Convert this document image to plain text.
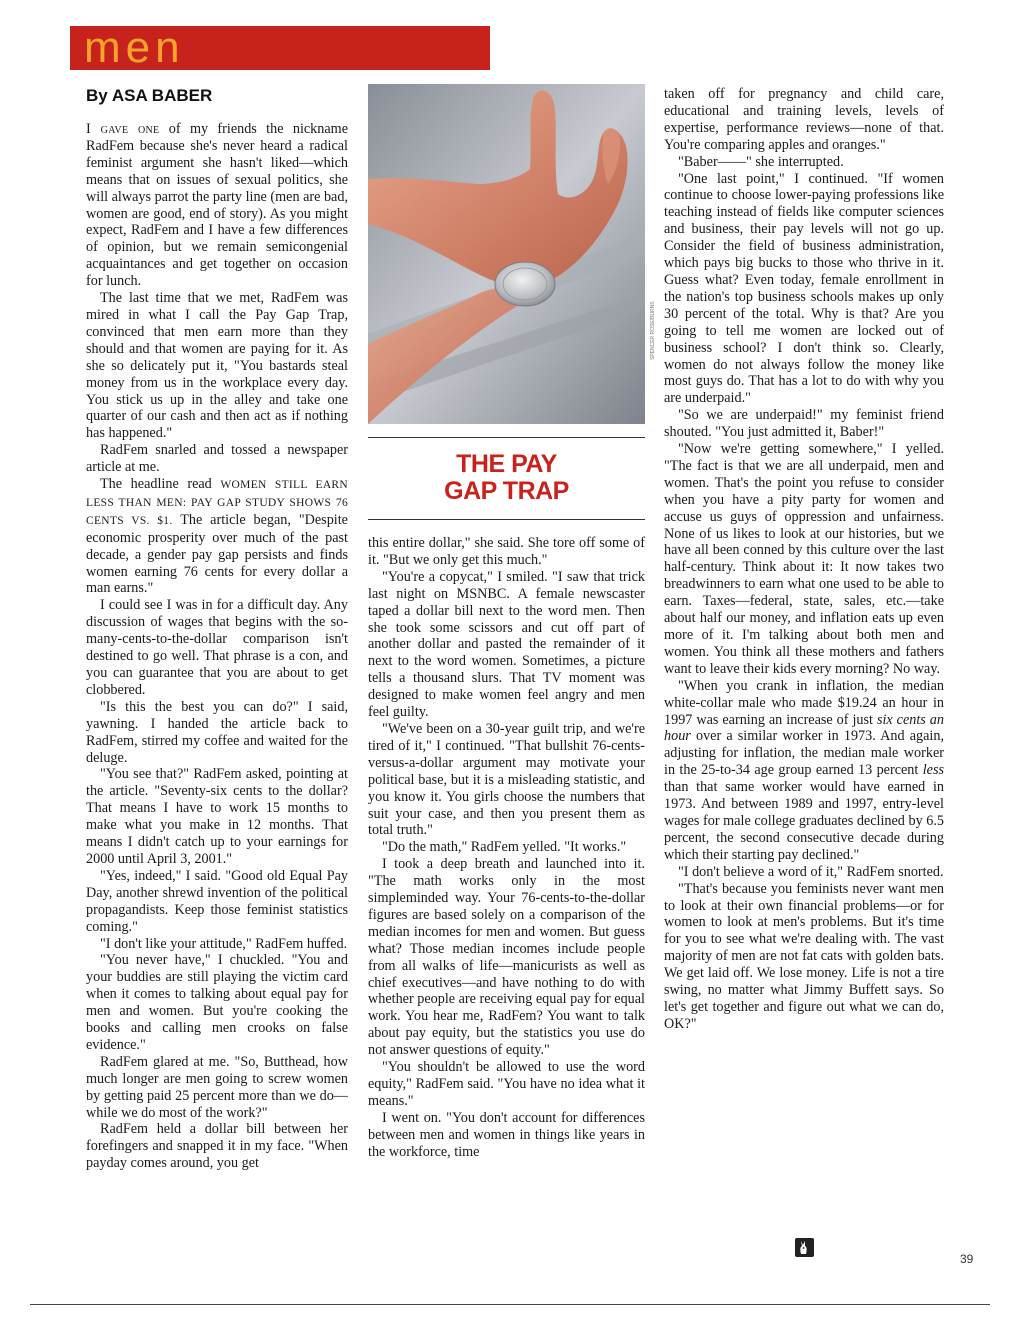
men
By ASA BABER

I gave one of my friends the nickname RadFem because she's never heard a radical feminist argument she hasn't liked—which means that on issues of sexual politics, she will always parrot the party line (men are bad, women are good, end of story). As you might expect, RadFem and I have a few differences of opinion, but we remain semicongenial acquaintances and get together on occasion for lunch.

The last time that we met, RadFem was mired in what I call the Pay Gap Trap, convinced that men earn more than they should and that women are paying for it. As she so delicately put it, "You bastards steal money from us in the workplace every day. You stick us up in the alley and take one quarter of our cash and then act as if nothing has happened."

RadFem snarled and tossed a newspaper article at me.

The headline read WOMEN STILL EARN LESS THAN MEN: PAY GAP STUDY SHOWS 76 CENTS VS. $1. The article began, "Despite economic prosperity over much of the past decade, a gender pay gap persists and finds women earning 76 cents for every dollar a man earns."

I could see I was in for a difficult day. Any discussion of wages that begins with the so-many-cents-to-the-dollar comparison isn't destined to go well. That phrase is a con, and you can guarantee that you are about to get clobbered.

"Is this the best you can do?" I said, yawning. I handed the article back to RadFem, stirred my coffee and waited for the deluge.

"You see that?" RadFem asked, pointing at the article. "Seventy-six cents to the dollar? That means I have to work 15 months to make what you make in 12 months. That means I didn't catch up to your earnings for 2000 until April 3, 2001."

"Yes, indeed," I said. "Good old Equal Pay Day, another shrewd invention of the political propagandists. Keep those feminist statistics coming."

"I don't like your attitude," RadFem huffed.

"You never have," I chuckled. "You and your buddies are still playing the victim card when it comes to talking about equal pay for men and women. But you're cooking the books and calling men crooks on false evidence."

RadFem glared at me. "So, Butthead, how much longer are men going to screw women by getting paid 25 percent more than we do—while we do most of the work?"

RadFem held a dollar bill between her forefingers and snapped it in my face. "When payday comes around, you get

SPENCER ROSE/BURNS
THE PAY
GAP TRAP

this entire dollar," she said. She tore off some of it. "But we only get this much."

"You're a copycat," I smiled. "I saw that trick last night on MSNBC. A female newscaster taped a dollar bill next to the word men. Then she took some scissors and cut off part of another dollar and pasted the remainder of it next to the word women. Sometimes, a picture tells a thousand slurs. That TV moment was designed to make women feel angry and men feel guilty.

"We've been on a 30-year guilt trip, and we're tired of it," I continued. "That bullshit 76-cents-versus-a-dollar argument may motivate your political base, but it is a misleading statistic, and you know it. You girls choose the numbers that suit your case, and then you present them as total truth."

"Do the math," RadFem yelled. "It works."

I took a deep breath and launched into it. "The math works only in the most simpleminded way. Your 76-cents-to-the-dollar figures are based solely on a comparison of the median incomes for men and women. But guess what? Those median incomes include people from all walks of life—manicurists as well as chief executives—and have nothing to do with whether people are receiving equal pay for equal work. You hear me, RadFem? You want to talk about pay equity, but the statistics you use do not answer questions of equity."

"You shouldn't be allowed to use the word equity," RadFem said. "You have no idea what it means."

I went on. "You don't account for differences between men and women in things like years in the workforce, time

taken off for pregnancy and child care, educational and training levels, levels of expertise, performance reviews—none of that. You're comparing apples and oranges."

"Baber——" she interrupted.

"One last point," I continued. "If women continue to choose lower-paying professions like teaching instead of fields like computer sciences and business, their pay levels will not go up. Consider the field of business administration, which pays big bucks to those who thrive in it. Guess what? Even today, female enrollment in the nation's top business schools makes up only 30 percent of the total. Why is that? Are you going to tell me women are locked out of business school? I don't think so. Clearly, women do not always follow the money like most guys do. That has a lot to do with why you are underpaid."

"So we are underpaid!" my feminist friend shouted. "You just admitted it, Baber!"

"Now we're getting somewhere," I yelled. "The fact is that we are all underpaid, men and women. That's the point you refuse to consider when you have a pity party for women and accuse us guys of oppression and unfairness. None of us likes to look at our histories, but we have all been conned by this culture over the last half-century. Think about it: It now takes two breadwinners to earn what one used to be able to earn. Taxes—federal, state, sales, etc.—take about half our money, and inflation eats up even more of it. I'm talking about both men and women. You think all these mothers and fathers want to leave their kids every morning? No way.

"When you crank in inflation, the median white-collar male who made $19.24 an hour in 1997 was earning an increase of just six cents an hour over a similar worker in 1973. And again, adjusting for inflation, the median male worker in the 25-to-34 age group earned 13 percent less than that same worker would have earned in 1973. And between 1989 and 1997, entry-level wages for male college graduates declined by 6.5 percent, the second consecutive decade during which their starting pay declined."

"I don't believe a word of it," RadFem snorted.

"That's because you feminists never want men to look at their own financial problems—or for women to look at men's problems. But it's time for you to see what we're dealing with. The vast majority of men are not fat cats with golden bats. We get laid off. We lose money. Life is not a tire swing, no matter what Jimmy Buffett says. So let's get together and figure out what we can do, OK?"

39
